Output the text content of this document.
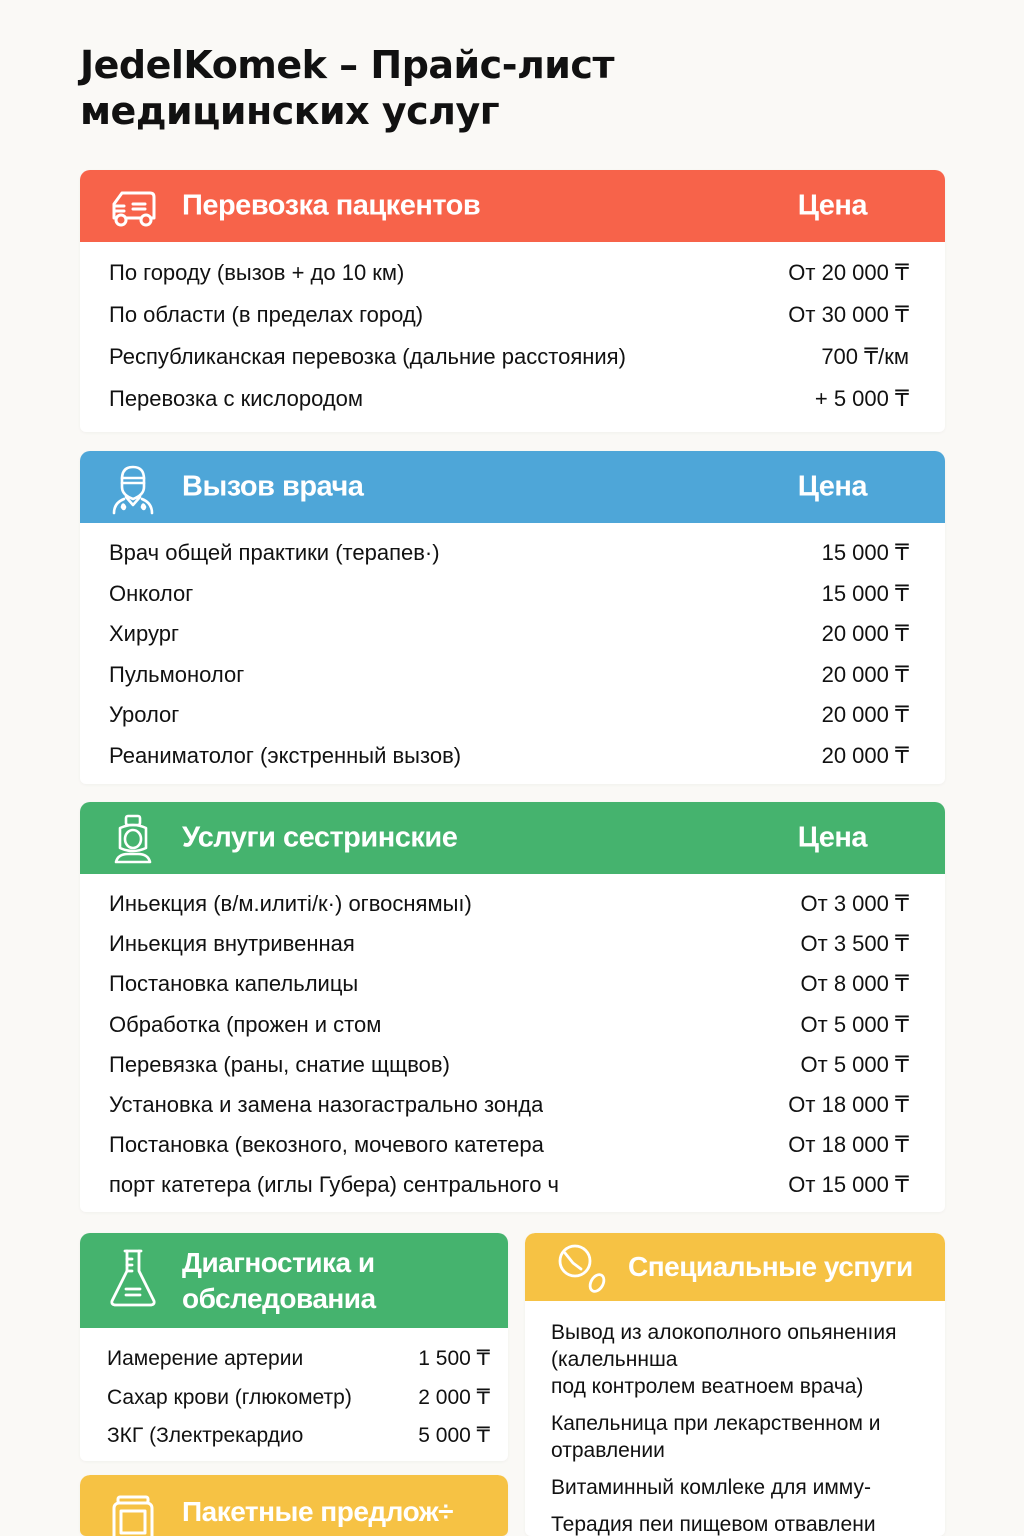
JedelKomek – Прайс-лист
медицинских услуг
Перевозка пацкентов	Цена
По городу (вызов + до 10 км)	От 20 000 ₸
По области (в пределах город)	От 30 000 ₸
Республиканская перевозка (дальние расстояния)	700 ₸/км
Перевозка с кислородом	+ 5 000 ₸
Вызов врача	Цена
Врач общей практики (терапев·)	15 000 ₸
Онколог	15 000 ₸
Хирург	20 000 ₸
Пульмонолог	20 000 ₸
Уролог	20 000 ₸
Реанимaтолог (экстренный вызов)	20 000 ₸
Услуги сестринские	Цена
Иньекция (в/м.илитi/к·) огвоснямыı)	От 3 000 ₸
Иньекция внутривенная	От 3 500 ₸
Постановка капельлицы	От 8 000 ₸
Обработка (прожен и стом	От 5 000 ₸
Перевязка (раны, снатие щщвов)	От 5 000 ₸
Установка и замена назогастрально зонда	От 18 000 ₸
Постановка (векозного, мочевого катетера	От 18 000 ₸
порт катетера (иглы Губера) сентрального ч	От 15 000 ₸
Диагностика и обследованиа
Иамерение артерии	1 500 ₸
Сахар крови (глюкометр)	2 000 ₸
ЗКГ (Злектрекардио	5 000 ₸
Пакетные предлож÷
Специальные успуги
Вывод из алокополного опьяненıия
(калельннша
под контролем веатноем врача)
Капельница при лекарственном и
отравлении
Витаминный комлleке для имму-
Терадия пеи пищевом отвавлени
